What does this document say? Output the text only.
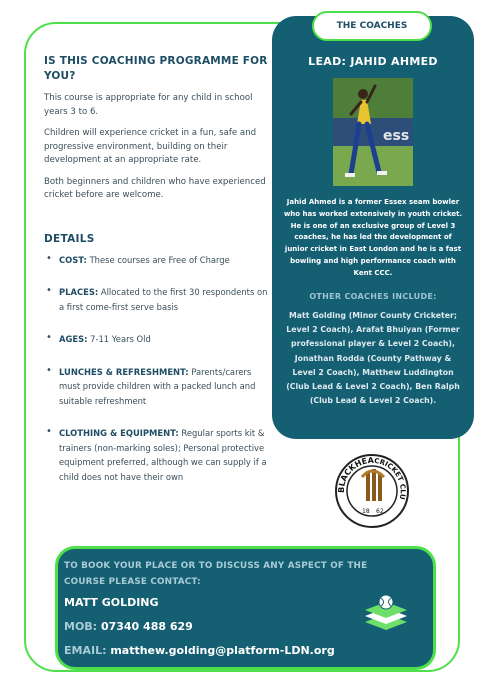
IS THIS COACHING PROGRAMME FOR YOU?

This course is appropriate for any child in school years 3 to 6.

Children will experience cricket in a fun, safe and progressive environment, building on their development at an appropriate rate.

Both beginners and children who have experienced cricket before are welcome.

DETAILS
• COST: These courses are Free of Charge
• PLACES: Allocated to the first 30 respondents on a first come-first serve basis
• AGES: 7-11 Years Old
• LUNCHES & REFRESHMENT: Parents/carers must provide children with a packed lunch and suitable refreshment
• CLOTHING & EQUIPMENT: Regular sports kit & trainers (non-marking soles); Personal protective equipment preferred, although we can supply if a child does not have their own
THE COACHES
LEAD: JAHID AHMED
ess
Jahid Ahmed is a former Essex seam bowler who has worked extensively in youth cricket. He is one of an exclusive group of Level 3 coaches, he has led the development of junior cricket in East London and he is a fast bowling and high performance coach with Kent CCC.
OTHER COACHES INCLUDE:
Matt Golding (Minor County Cricketer; Level 2 Coach), Arafat Bhuiyan (Former professional player & Level 2 Coach), Jonathan Rodda (County Pathway & Level 2 Coach), Matthew Luddington (Club Lead & Level 2 Coach), Ben Ralph (Club Lead & Level 2 Coach).
BLACKHEA CRICKET CLU
18 62
TO BOOK YOUR PLACE OR TO DISCUSS ANY ASPECT OF THE COURSE PLEASE CONTACT:
MATT GOLDING
MOB: 07340 488 629
EMAIL: matthew.golding@platform-LDN.org
